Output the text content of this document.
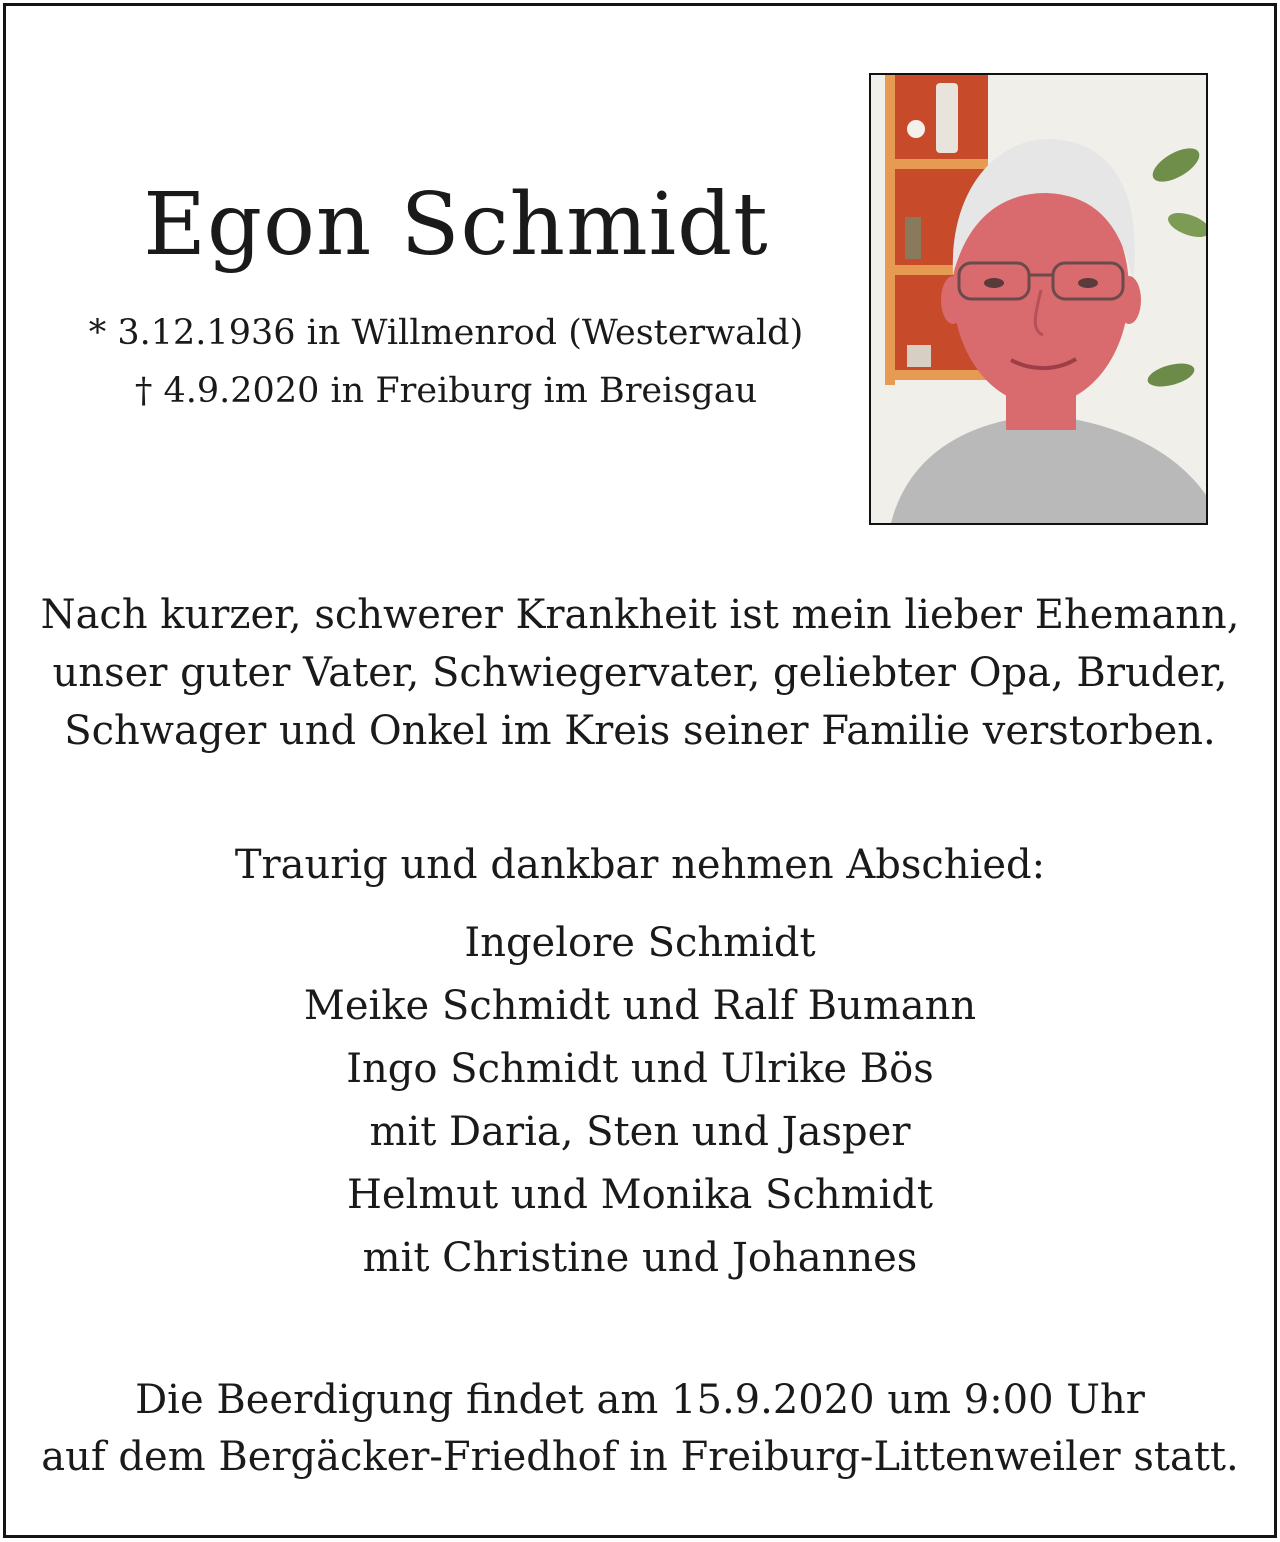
Egon Schmidt
* 3.12.1936 in Willmenrod (Westerwald)
† 4.9.2020 in Freiburg im Breisgau
Nach kurzer, schwerer Krankheit ist mein lieber Ehemann,
unser guter Vater, Schwiegervater, geliebter Opa, Bruder,
Schwager und Onkel im Kreis seiner Familie verstorben.
Traurig und dankbar nehmen Abschied:
Ingelore Schmidt
Meike Schmidt und Ralf Bumann
Ingo Schmidt und Ulrike Bös
mit Daria, Sten und Jasper
Helmut und Monika Schmidt
mit Christine und Johannes
Die Beerdigung findet am 15.9.2020 um 9:00 Uhr
auf dem Bergäcker-Friedhof in Freiburg-Littenweiler statt.
